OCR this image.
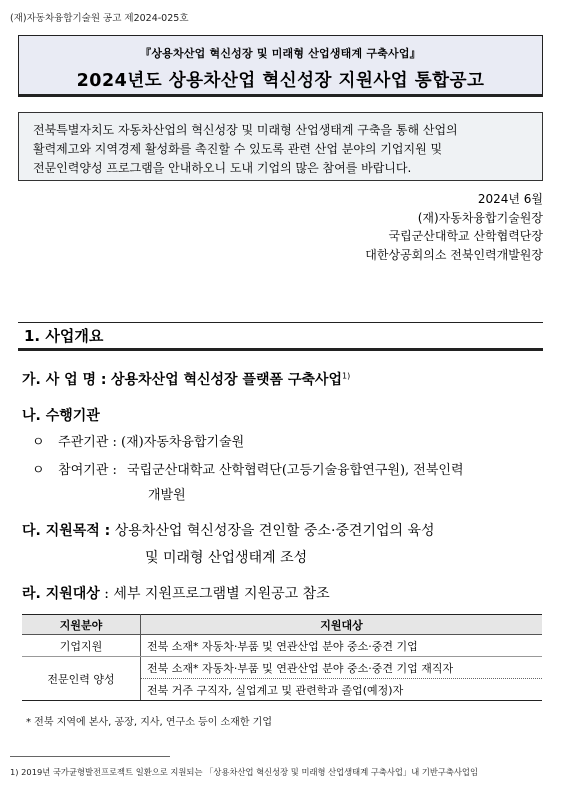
(재)자동차융합기술원 공고 제2024-025호
『상용차산업 혁신성장 및 미래형 산업생태계 구축사업』
2024년도 상용차산업 혁신성장 지원사업 통합공고
전북특별자치도 자동차산업의 혁신성장 및 미래형 산업생태계 구축을 통해 산업의
활력제고와 지역경제 활성화를 촉진할 수 있도록 관련 산업 분야의 기업지원 및
전문인력양성 프로그램을 안내하오니 도내 기업의 많은 참여를 바랍니다.
2024년 6월
(재)자동차융합기술원장
국립군산대학교 산학협력단장
대한상공회의소 전북인력개발원장
1. 사업개요
가. 사 업 명 : 상용차산업 혁신성장 플랫폼 구축사업$^{1)}$
나. 수행기관
ㅇ 주관기관 : (재)자동차융합기술원
ㅇ 참여기관 : 국립군산대학교 산학협력단(고등기술융합연구원), 전북인력
개발원
다. 지원목적 : 상용차산업 혁신성장을 견인할 중소·중견기업의 육성
및 미래형 산업생태계 조성
라. 지원대상 : 세부 지원프로그램별 지원공고 참조
지원분야	지원대상
기업지원	전북 소재* 자동차·부품 및 연관산업 분야 중소·중견 기업
전문인력 양성	전북 소재* 자동차·부품 및 연관산업 분야 중소·중견 기업 재직자
	전북 거주 구직자, 실업계고 및 관련학과 졸업(예정)자
* 전북 지역에 본사, 공장, 지사, 연구소 등이 소재한 기업
1) 2019년 국가균형발전프로젝트 일환으로 지원되는 「상용차산업 혁신성장 및 미래형 산업생태계 구축사업」내 기반구축사업임
